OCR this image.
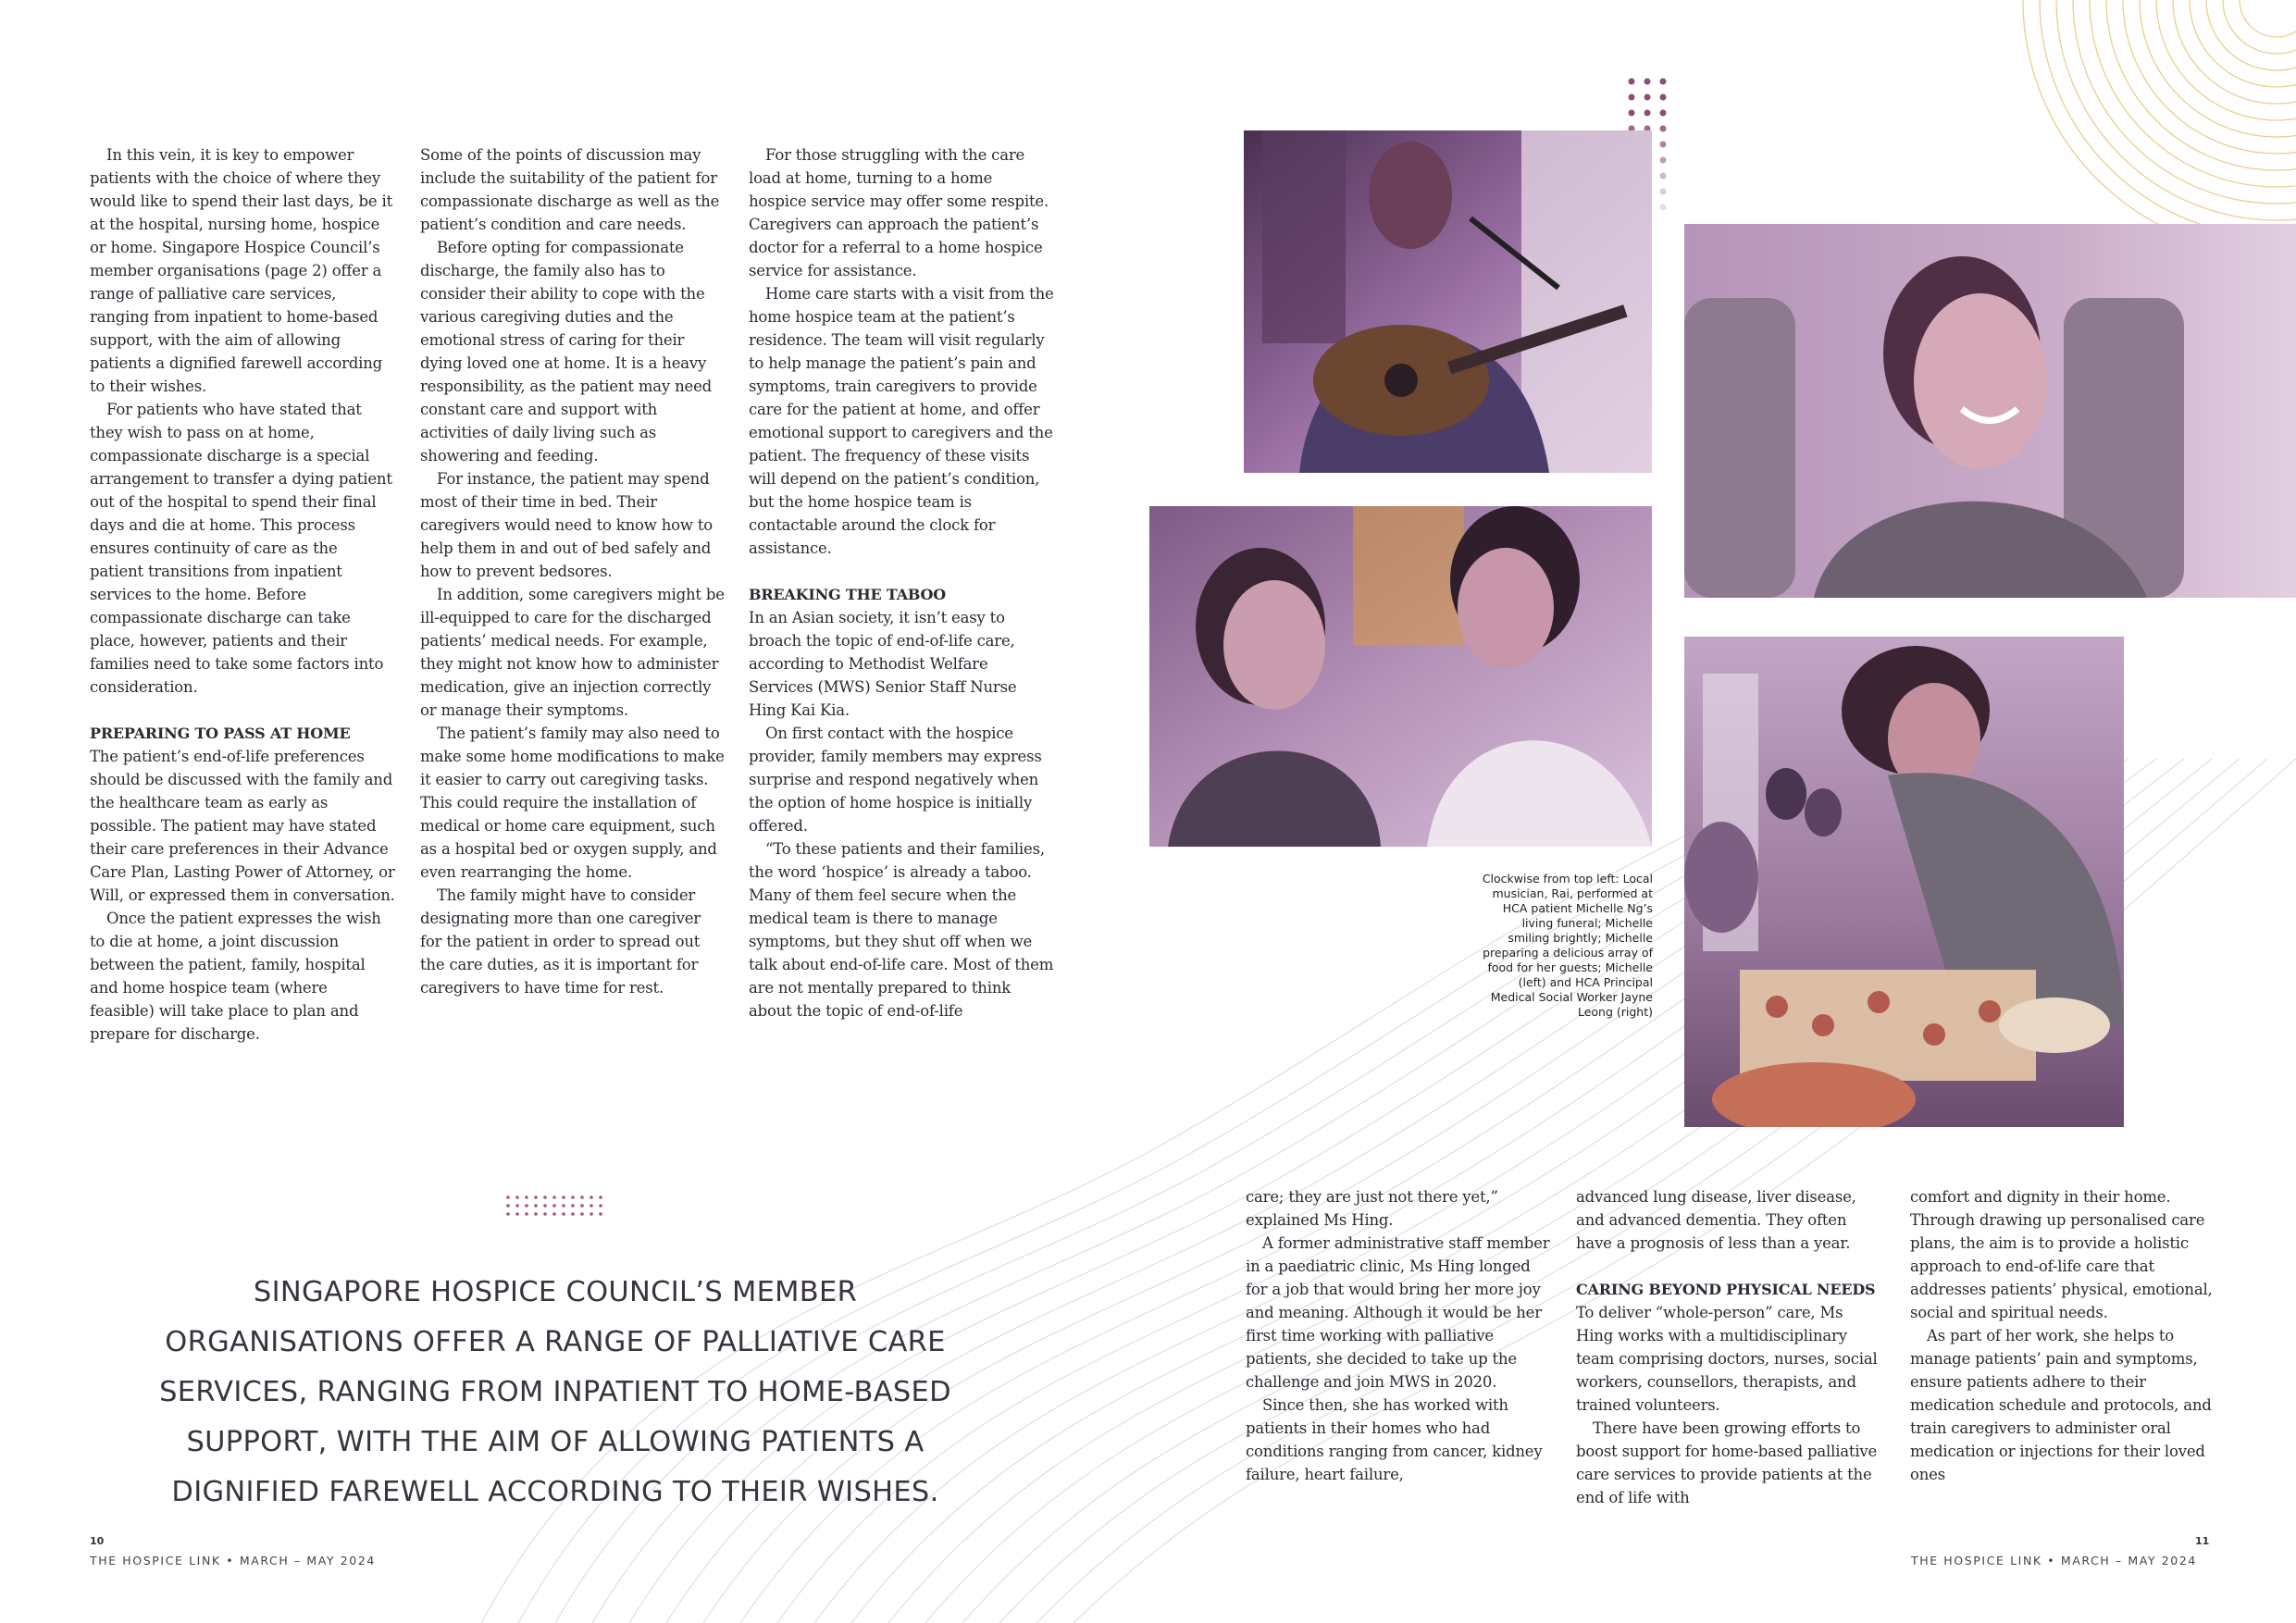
In this vein, it is key to empower patients with the choice of where they would like to spend their last days, be it at the hospital, nursing home, hospice or home. Singapore Hospice Council’s member organisations (page 2) offer a range of palliative care services, ranging from inpatient to home-based support, with the aim of allowing patients a dignified farewell according to their wishes.

For patients who have stated that they wish to pass on at home, compassionate discharge is a special arrangement to transfer a dying patient out of the hospital to spend their final days and die at home. This process ensures continuity of care as the patient transitions from inpatient services to the home. Before compassionate discharge can take place, however, patients and their families need to take some factors into consideration.

PREPARING TO PASS AT HOME

The patient’s end-of-life preferences should be discussed with the family and the healthcare team as early as possible. The patient may have stated their care preferences in their Advance Care Plan, Lasting Power of Attorney, or Will, or expressed them in conversation.

Once the patient expresses the wish to die at home, a joint discussion between the patient, family, hospital and home hospice team (where feasible) will take place to plan and prepare for discharge.

Some of the points of discussion may include the suitability of the patient for compassionate discharge as well as the patient’s condition and care needs.

Before opting for compassionate discharge, the family also has to consider their ability to cope with the various caregiving duties and the emotional stress of caring for their dying loved one at home. It is a heavy responsibility, as the patient may need constant care and support with activities of daily living such as showering and feeding.

For instance, the patient may spend most of their time in bed. Their caregivers would need to know how to help them in and out of bed safely and how to prevent bedsores.

In addition, some caregivers might be ill-equipped to care for the discharged patients’ medical needs. For example, they might not know how to administer medication, give an injection correctly or manage their symptoms.

The patient’s family may also need to make some home modifications to make it easier to carry out caregiving tasks. This could require the installation of medical or home care equipment, such as a hospital bed or oxygen supply, and even rearranging the home.

The family might have to consider designating more than one caregiver for the patient in order to spread out the care duties, as it is important for caregivers to have time for rest.

For those struggling with the care load at home, turning to a home hospice service may offer some respite. Caregivers can approach the patient’s doctor for a referral to a home hospice service for assistance.

Home care starts with a visit from the home hospice team at the patient’s residence. The team will visit regularly to help manage the patient’s pain and symptoms, train caregivers to provide care for the patient at home, and offer emotional support to caregivers and the patient. The frequency of these visits will depend on the patient’s condition, but the home hospice team is contactable around the clock for assistance.

BREAKING THE TABOO

In an Asian society, it isn’t easy to broach the topic of end-of-life care, according to Methodist Welfare Services (MWS) Senior Staff Nurse Hing Kai Kia.

On first contact with the hospice provider, family members may express surprise and respond negatively when the option of home hospice is initially offered.

“To these patients and their families, the word ‘hospice’ is already a taboo. Many of them feel secure when the medical team is there to manage symptoms, but they shut off when we talk about end-of-life care. Most of them are not mentally prepared to think about the topic of end-of-life

Clockwise from top left: Local musician, Rai, performed at HCA patient Michelle Ng’s living funeral; Michelle smiling brightly; Michelle preparing a delicious array of food for her guests; Michelle (left) and HCA Principal Medical Social Worker Jayne Leong (right)
SINGAPORE HOSPICE COUNCIL’S MEMBER ORGANISATIONS OFFER A RANGE OF PALLIATIVE CARE SERVICES, RANGING FROM INPATIENT TO HOME-BASED SUPPORT, WITH THE AIM OF ALLOWING PATIENTS A DIGNIFIED FAREWELL ACCORDING TO THEIR WISHES.

care; they are just not there yet,” explained Ms Hing.

A former administrative staff member in a paediatric clinic, Ms Hing longed for a job that would bring her more joy and meaning. Although it would be her first time working with palliative patients, she decided to take up the challenge and join MWS in 2020.

Since then, she has worked with patients in their homes who had conditions ranging from cancer, kidney failure, heart failure,

advanced lung disease, liver disease, and advanced dementia. They often have a prognosis of less than a year.

CARING BEYOND PHYSICAL NEEDS

To deliver “whole-person” care, Ms Hing works with a multidisciplinary team comprising doctors, nurses, social workers, counsellors, therapists, and trained volunteers.

There have been growing efforts to boost support for home-based palliative care services to provide patients at the end of life with

comfort and dignity in their home. Through drawing up personalised care plans, the aim is to provide a holistic approach to end-of-life care that addresses patients’ physical, emotional, social and spiritual needs.

As part of her work, she helps to manage patients’ pain and symptoms, ensure patients adhere to their medication schedule and protocols, and train caregivers to administer oral medication or injections for their loved ones

10
THE HOSPICE LINK • MARCH – MAY 2024
11
THE HOSPICE LINK • MARCH – MAY 2024
